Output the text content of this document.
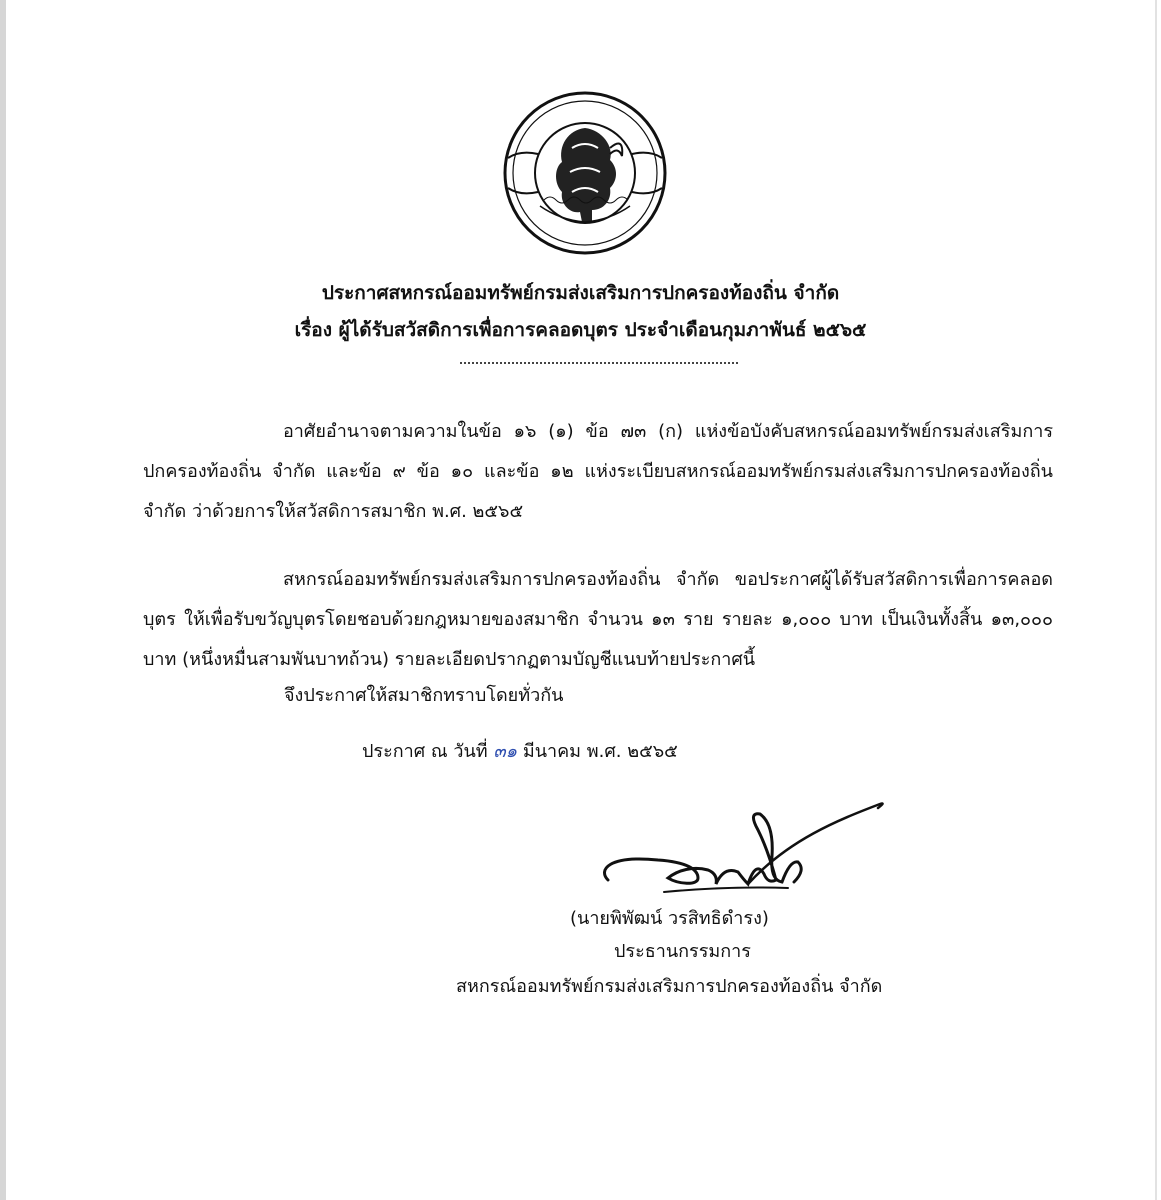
ประกาศสหกรณ์ออมทรัพย์กรมส่งเสริมการปกครองท้องถิ่น จำกัด
เรื่อง ผู้ได้รับสวัสดิการเพื่อการคลอดบุตร ประจำเดือนกุมภาพันธ์ ๒๕๖๕
อาศัยอำนาจตามความในข้อ ๑๖ (๑) ข้อ ๗๓ (ก) แห่งข้อบังคับสหกรณ์ออมทรัพย์กรมส่งเสริมการปกครองท้องถิ่น จำกัด และข้อ ๙ ข้อ ๑๐ และข้อ ๑๒ แห่งระเบียบสหกรณ์ออมทรัพย์กรมส่งเสริมการปกครองท้องถิ่น จำกัด ว่าด้วยการให้สวัสดิการสมาชิก พ.ศ. ๒๕๖๕
สหกรณ์ออมทรัพย์กรมส่งเสริมการปกครองท้องถิ่น จำกัด ขอประกาศผู้ได้รับสวัสดิการเพื่อการคลอดบุตร ให้เพื่อรับขวัญบุตรโดยชอบด้วยกฎหมายของสมาชิก จำนวน ๑๓ ราย รายละ ๑,๐๐๐ บาท เป็นเงินทั้งสิ้น ๑๓,๐๐๐ บาท (หนึ่งหมื่นสามพันบาทถ้วน) รายละเอียดปรากฏตามบัญชีแนบท้ายประกาศนี้
จึงประกาศให้สมาชิกทราบโดยทั่วกัน
ประกาศ ณ วันที่ ๓๑ มีนาคม พ.ศ. ๒๕๖๕
(นายพิพัฒน์ วรสิทธิดำรง)
ประธานกรรมการ
สหกรณ์ออมทรัพย์กรมส่งเสริมการปกครองท้องถิ่น จำกัด
